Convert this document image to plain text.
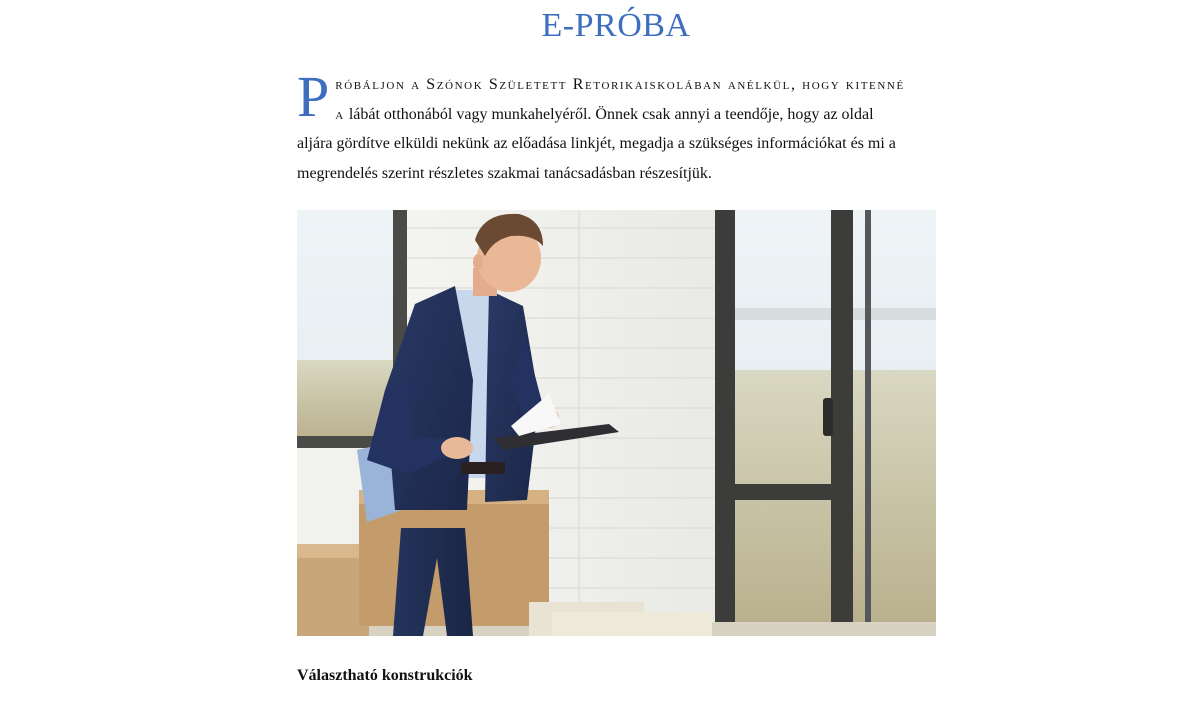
E-PRÓBA

Próbáljon a Szónok Született Retorikaiskolában anélkül, hogy kitenné a lábát otthonából vagy munkahelyéről. Önnek csak annyi a teendője, hogy az oldal aljára gördítve elküldi nekünk az előadása linkjét, megadja a szükséges információkat és mi a megrendelés szerint részletes szakmai tanácsadásban részesítjük.

Választható konstrukciók
